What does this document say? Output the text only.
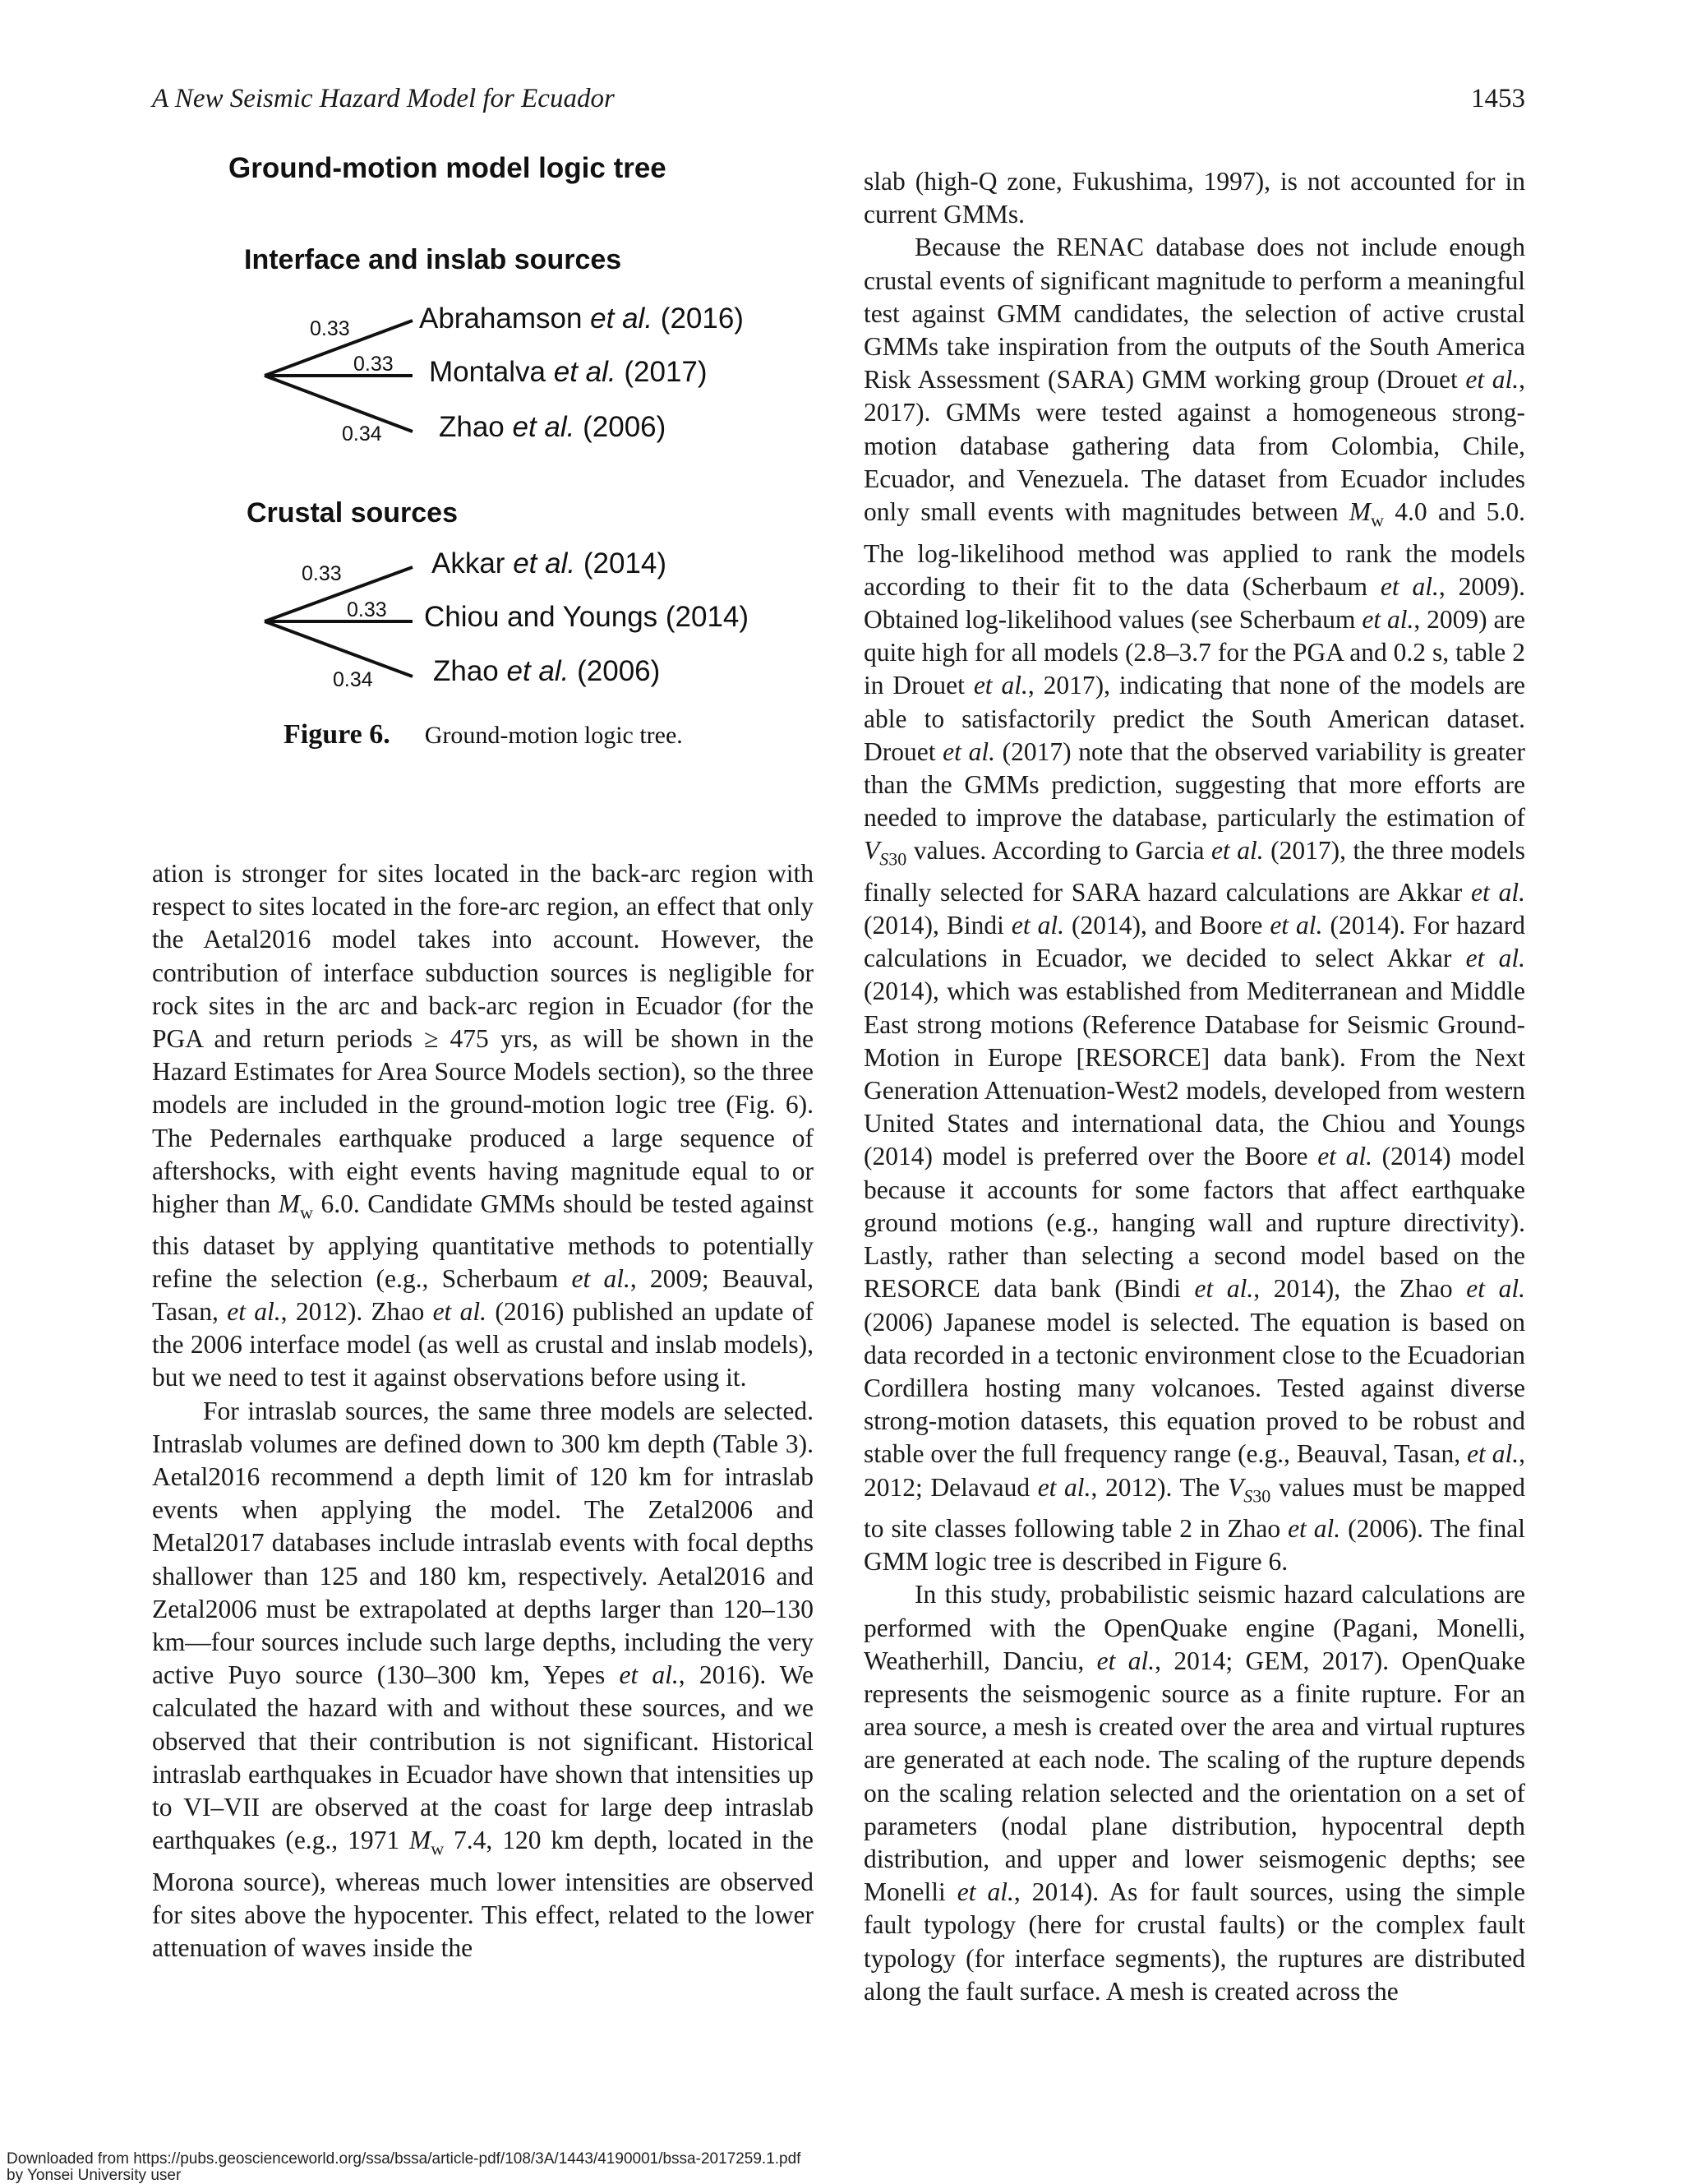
A New Seismic Hazard Model for Ecuador	1453
Ground-motion model logic tree
Interface and inslab sources
Crustal sources
0.33
0.33
0.34
0.33
0.33
0.34
Abrahamson et al. (2016)
Montalva et al. (2017)
Zhao et al. (2006)
Akkar et al. (2014)
Chiou and Youngs (2014)
Zhao et al. (2006)
Figure 6. Ground-motion logic tree.

ation is stronger for sites located in the back-arc region with respect to sites located in the fore-arc region, an effect that only the Aetal2016 model takes into account. However, the contribution of interface subduction sources is negligible for rock sites in the arc and back-arc region in Ecuador (for the PGA and return periods ≥ 475 yrs, as will be shown in the Hazard Estimates for Area Source Models section), so the three models are included in the ground-motion logic tree (Fig. 6). The Pedernales earthquake produced a large sequence of aftershocks, with eight events having magnitude equal to or higher than $M_w$ 6.0. Candidate GMMs should be tested against this dataset by applying quantitative methods to potentially refine the selection (e.g., Scherbaum et al., 2009; Beauval, Tasan, et al., 2012). Zhao et al. (2016) published an update of the 2006 interface model (as well as crustal and inslab models), but we need to test it against observations before using it.

For intraslab sources, the same three models are selected. Intraslab volumes are defined down to 300 km depth (Table 3). Aetal2016 recommend a depth limit of 120 km for intraslab events when applying the model. The Zetal2006 and Metal2017 databases include intraslab events with focal depths shallower than 125 and 180 km, respectively. Aetal2016 and Zetal2006 must be extrapolated at depths larger than 120–130 km—four sources include such large depths, including the very active Puyo source (130–300 km, Yepes et al., 2016). We calculated the hazard with and without these sources, and we observed that their contribution is not significant. Historical intraslab earthquakes in Ecuador have shown that intensities up to VI–VII are observed at the coast for large deep intraslab earthquakes (e.g., 1971 $M_w$ 7.4, 120 km depth, located in the Morona source), whereas much lower intensities are observed for sites above the hypocenter. This effect, related to the lower attenuation of waves inside the

slab (high-Q zone, Fukushima, 1997), is not accounted for in current GMMs.

Because the RENAC database does not include enough crustal events of significant magnitude to perform a meaningful test against GMM candidates, the selection of active crustal GMMs take inspiration from the outputs of the South America Risk Assessment (SARA) GMM working group (Drouet et al., 2017). GMMs were tested against a homogeneous strong-motion database gathering data from Colombia, Chile, Ecuador, and Venezuela. The dataset from Ecuador includes only small events with magnitudes between $M_w$ 4.0 and 5.0. The log-likelihood method was applied to rank the models according to their fit to the data (Scherbaum et al., 2009). Obtained log-likelihood values (see Scherbaum et al., 2009) are quite high for all models (2.8–3.7 for the PGA and 0.2 s, table 2 in Drouet et al., 2017), indicating that none of the models are able to satisfactorily predict the South American dataset. Drouet et al. (2017) note that the observed variability is greater than the GMMs prediction, suggesting that more efforts are needed to improve the database, particularly the estimation of $V_{S30}$ values. According to Garcia et al. (2017), the three models finally selected for SARA hazard calculations are Akkar et al. (2014), Bindi et al. (2014), and Boore et al. (2014). For hazard calculations in Ecuador, we decided to select Akkar et al. (2014), which was established from Mediterranean and Middle East strong motions (Reference Database for Seismic Ground-Motion in Europe [RESORCE] data bank). From the Next Generation Attenuation-West2 models, developed from western United States and international data, the Chiou and Youngs (2014) model is preferred over the Boore et al. (2014) model because it accounts for some factors that affect earthquake ground motions (e.g., hanging wall and rupture directivity). Lastly, rather than selecting a second model based on the RESORCE data bank (Bindi et al., 2014), the Zhao et al. (2006) Japanese model is selected. The equation is based on data recorded in a tectonic environment close to the Ecuadorian Cordillera hosting many volcanoes. Tested against diverse strong-motion datasets, this equation proved to be robust and stable over the full frequency range (e.g., Beauval, Tasan, et al., 2012; Delavaud et al., 2012). The $V_{S30}$ values must be mapped to site classes following table 2 in Zhao et al. (2006). The final GMM logic tree is described in Figure 6.

In this study, probabilistic seismic hazard calculations are performed with the OpenQuake engine (Pagani, Monelli, Weatherhill, Danciu, et al., 2014; GEM, 2017). OpenQuake represents the seismogenic source as a finite rupture. For an area source, a mesh is created over the area and virtual ruptures are generated at each node. The scaling of the rupture depends on the scaling relation selected and the orientation on a set of parameters (nodal plane distribution, hypocentral depth distribution, and upper and lower seismogenic depths; see Monelli et al., 2014). As for fault sources, using the simple fault typology (here for crustal faults) or the complex fault typology (for interface segments), the ruptures are distributed along the fault surface. A mesh is created across the

Downloaded from https://pubs.geoscienceworld.org/ssa/bssa/article-pdf/108/3A/1443/4190001/bssa-2017259.1.pdf
by Yonsei University user
